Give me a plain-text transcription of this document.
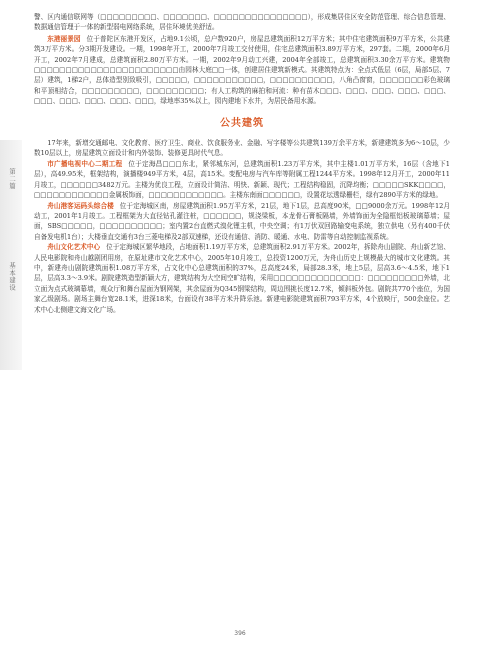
第二篇
基本建设

警、区内通信联网等（□□□□□□□□□、□□□□□□□、□□□□□□□□□□□□□□□），形成集居住区安全防范管理、综合信息管理、数据通信管理于一体的新型弱电网络系统，居住环境优美舒适。

东港丽景园 位于普陀区东港开发区，占地9.1公顷，总户数920户，房屋总建筑面积12万平方米；其中住宅建筑面积9万平方米，公共建筑3万平方米。分3期开发建设。一期，1998年开工，2000年7月竣工交付使用，住宅总建筑面积3.89万平方米，297套。二期，2000年6月开工，2002年7月建成，总建筑面积2.80万平方米。一期，2002年9月动工兴建，2004年全部竣工，总建筑面积3.30余万平方米。建筑物□□□□□□□□□□□□□□□□□□□□□□□由园林大庭□□一体，创建居住建筑新模式。其建筑特点为：全点式低层（6层，局部5层、7层）建筑，1梯2户，总体造型别致吸引，□□□□□，□□□□□□□□□□□，□□□□□□□□□□，八角凸窗窗，□□□□□□□彩色玻璃和平顶相结合，□□□□□□□□□，□□□□□□□□□；有人工构筑的麻拍和河流：种有苗木□□□、□□□、□□□、□□□、□□□、□□□、□□□、□□□、□□□、□□□，绿地率35%以上，园内建地下水井，为居民备用水源。

公共建筑

17年来，新增交通邮电、文化教育、医疗卫生、商业、饮食服务业、金融、写字楼等公共建筑139万余平方米，新建建筑多为6～10层，少数10层以上，房屋建筑立面设计和内外装饰、装修更具时代气息。

市广播电视中心二期工程 位于定海昌□□□东北，紧邻城东河，总建筑面积1.23万平方米，其中主楼1.01万平方米，16层（含地下1层），高49.95米，框架结构，演播楼949平方米，4层，高15米。变配电房与汽车库等附属工程1244平方米。1998年12月开工，2000年11月竣工，□□□□□□3482万元。主楼为优良工程，立面设计简洁、明快、新颖、现代；工程结构稳固，沉降均衡；□□□□□SKK□□□□，□□□□□□□□□□□□金属板饰面，□□□□□□□□□□□□。主楼东南面□□□□□□，设置花坛透绿栅栏，绿有2890平方米的绿地。

舟山港客运码头综合楼 位于定海城区南，房屋建筑面积1.95万平方米，21层，地下1层，总高度90米，□□9000余万元。1998年12月动工，2001年1月竣工。工程框架为大直径钻孔灌注桩，□□□□□□，规浇梁板，本龙骨石膏板隔墙，外墙饰面为全隐框铝板玻璃幕墙；屋面，SBS□□□□□，□□□□□□□□□□；室内置2台直燃式溴化锂主机，中央空调；有1万伏双回路输变电系统，独立供电（另有400千伏自备发电机1台）；大楼垂直交通有3台三菱电梯及2部双速梯，还设有通信、消防、暖通、水电、防雷等自动控制监视系统。

舟山文化艺术中心 位于定海城区繁华地段，占地面积1.19万平方米，总建筑面积2.91万平方米。2002年，拆除舟山剧院、舟山新艺馆、人民电影院和舟山越剧团用房，在原址建市文化艺术中心，2005年10月竣工，总投资1200万元，为舟山历史上规模最大的城市文化建筑。其中，新建舟山剧院建筑面积1.08万平方米，占文化中心总建筑面积的37%，总高度24米，局部28.3米，地上5层，层高3.6～4.5米，地下1层，层高3.3～3.9米。剧院建筑造型新颖大方，建筑结构为大空间空旷结构，采用□□□□□□□□□□□□□□：□□□□□□□□□外墙，北立面为点式玻璃幕墙，观众厅和舞台屋面为钢网架，其余屋面为Q345钢梁结构，周边围挑长度12.7米，倾斜板外包。剧院共770个座位，为国家乙级剧场。剧场主舞台宽28.1米，进深18米，台面设有38平方米升降乐池。新建电影院建筑面积793平方米，4个放映厅，500余座位。艺术中心北侧建文海文化广场。

396
